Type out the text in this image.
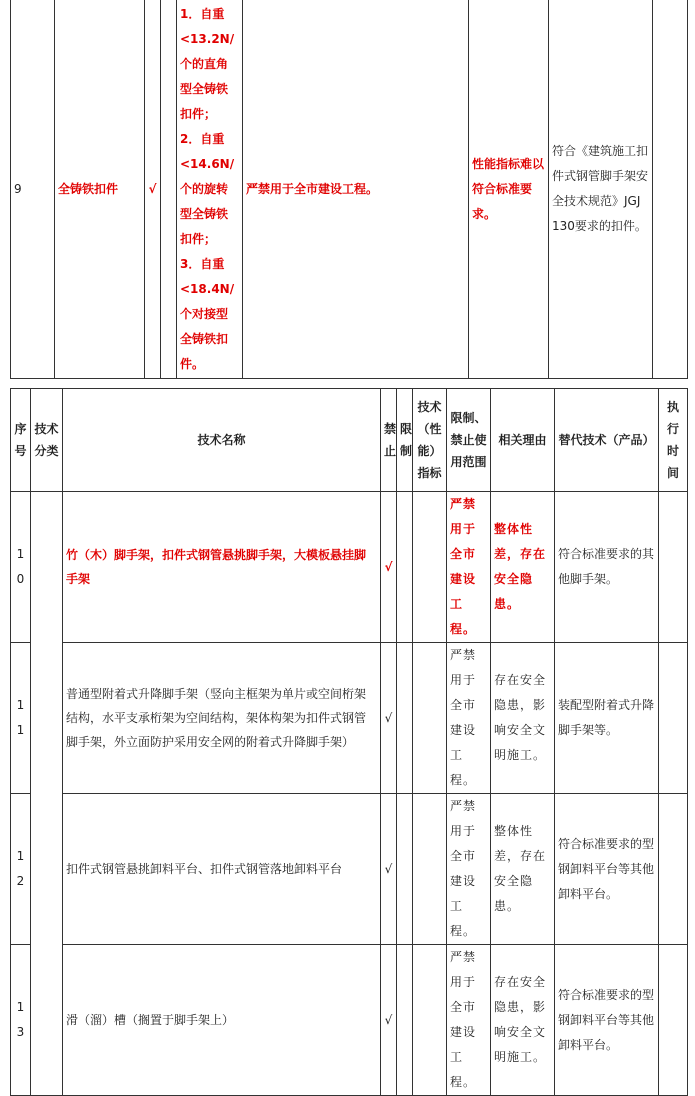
9	全铸铁扣件	√		
1．自重
<13.2N/
个的直角
型全铸铁
扣件；
2．自重
<14.6N/
个的旋转
型全铸铁
扣件；
3．自重
<18.4N/
个对接型
全铸铁扣
件。
	严禁用于全市建设工程。	性能指标难以符合标准要求。	符合《建筑施工扣件式钢管脚手架安全技术规范》JGJ 130要求的扣件。	
序号	技术分类	技术名称	禁止	限制	技术（性能）指标	限制、禁止使用范围	相关理由	替代技术（产品）	执行时间

1
0		竹（木）脚手架，扣件式钢管悬挑脚手架，大模板悬挂脚手架	√			严禁用于全市建设工程。	整体性差，存在安全隐患。	符合标准要求的其他脚手架。	

1
1		普通型附着式升降脚手架（竖向主框架为单片或空间桁架结构，水平支承桁架为空间结构，架体构架为扣件式钢管脚手架，外立面防护采用安全网的附着式升降脚手架）	√			严禁用于全市建设工程。	存在安全隐患，影响安全文明施工。	装配型附着式升降脚手架等。	

1
2		扣件式钢管悬挑卸料平台、扣件式钢管落地卸料平台	√			严禁用于全市建设工程。	整体性差，存在安全隐患。	符合标准要求的型钢卸料平台等其他卸料平台。	

1
3		滑（溜）槽（搁置于脚手架上）	√			严禁用于全市建设工程。	存在安全隐患，影响安全文明施工。	符合标准要求的型钢卸料平台等其他卸料平台。	
